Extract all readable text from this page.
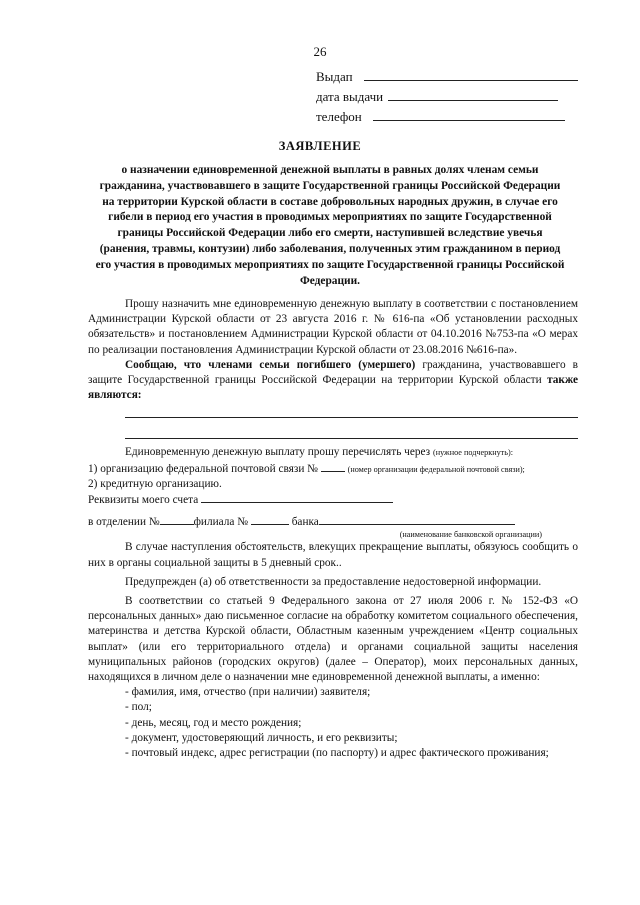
26
Выдап
дата выдачи
телефон
ЗАЯВЛЕНИЕ
о назначении единовременной денежной выплаты в равных долях членам семьи гражданина, участвовавшего в защите Государственной границы Российской Федерации на территории Курской области в составе добровольных народных дружин, в случае его гибели в период его участия в проводимых мероприятиях по защите Государственной границы Российской Федерации либо его смерти, наступившей вследствие увечья (ранения, травмы, контузии) либо заболевания, полученных этим гражданином в период его участия в проводимых мероприятиях по защите Государственной границы Российской Федерации.

Прошу назначить мне единовременную денежную выплату в соответствии с постановлением Администрации Курской области от 23 августа 2016 г. № 616-па «Об установлении расходных обязательств» и постановлением Администрации Курской области от 04.10.2016 №753-па «О мерах по реализации постановления Администрации Курской области от 23.08.2016 №616-па».

Сообщаю, что членами семьи погибшего (умершего) гражданина, участвовавшего в защите Государственной границы Российской Федерации на территории Курской области также являются:

Единовременную денежную выплату прошу перечислять через (нужное подчеркнуть):

1) организацию федеральной почтовой связи №	(номер организации федеральной почтовой связи);

2) кредитную организацию.

Реквизиты моего счета

в отделении №	филиала №	банка

(наименование банковской организации)

В случае наступления обстоятельств, влекущих прекращение выплаты, обязуюсь сообщить о них в органы социальной защиты в 5 дневный срок..

Предупрежден (а) об ответственности за предоставление недостоверной информации.

В соответствии со статьей 9 Федерального закона от 27 июля 2006 г. № 152-ФЗ «О персональных данных» даю письменное согласие на обработку комитетом социального обеспечения, материнства и детства Курской области, Областным казенным учреждением «Центр социальных выплат» (или его территориального отдела) и органами социальной защиты населения муниципальных районов (городских округов) (далее – Оператор), моих персональных данных, находящихся в личном деле о назначении мне единовременной денежной выплаты, а именно:

- фамилия, имя, отчество (при наличии) заявителя;

- пол;

- день, месяц, год и место рождения;

- документ, удостоверяющий личность, и его реквизиты;

- почтовый индекс, адрес регистрации (по паспорту) и адрес фактического проживания;
